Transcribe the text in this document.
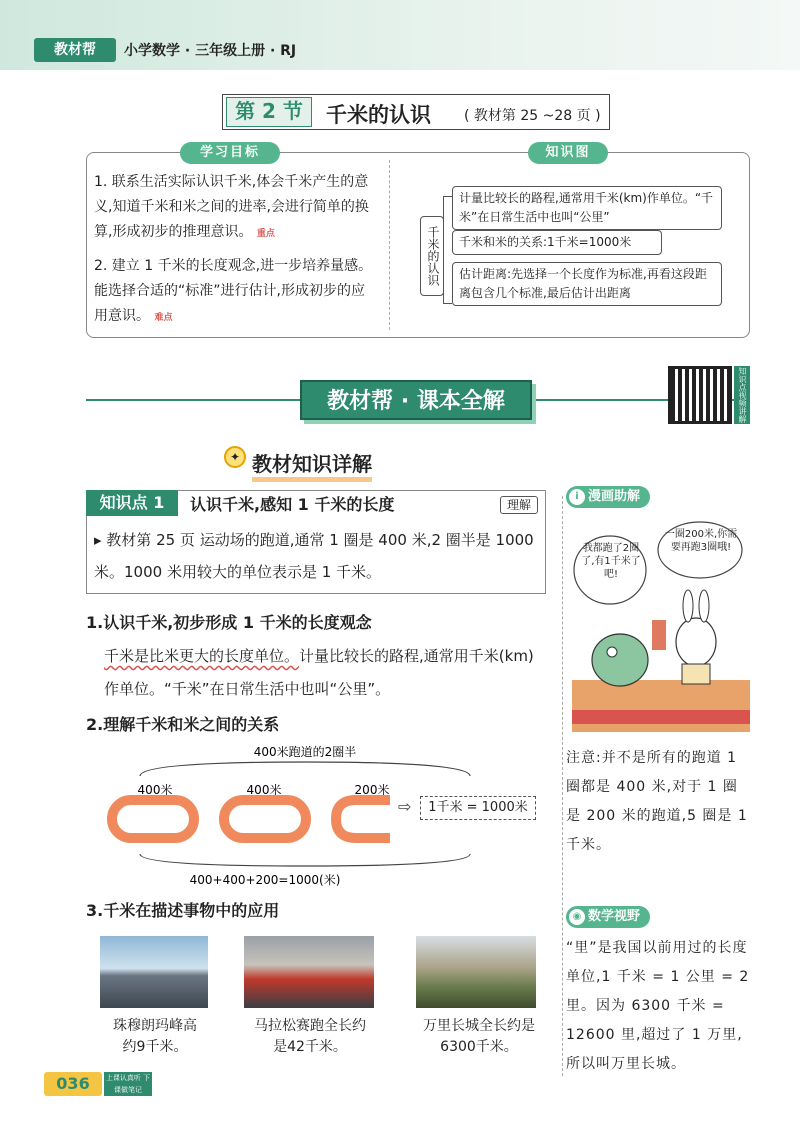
教材帮	小学数学 · 三年级上册 · RJ
第 2 节	千米的认识 ( 教材第 25 ~28 页 )
学习目标	知识图
1. 联系生活实际认识千米,体会千米产生的意义,知道千米和米之间的进率,会进行简单的换算,形成初步的推理意识。 重点
2. 建立 1 千米的长度观念,进一步培养量感。能选择合适的“标准”进行估计,形成初步的应用意识。 难点
千米的认识
计量比较长的路程,通常用千米(km)作单位。“千米”在日常生活中也叫“公里”
千米和米的关系:1千米=1000米
估计距离:先选择一个长度作为标准,再看这段距离包含几个标准,最后估计出距离
教材帮 · 课本全解	知识点视频讲解
✦ 教材知识详解
知识点 1	认识千米,感知 1 千米的长度	理解
▸ 教材第 25 页 运动场的跑道,通常 1 圈是 400 米,2 圈半是 1000 米。1000 米用较大的单位表示是 1 千米。
1.认识千米,初步形成 1 千米的长度观念
千米是比米更大的长度单位。计量比较长的路程,通常用千米(km)作单位。“千米”在日常生活中也叫“公里”。
2.理解千米和米之间的关系
400米跑道的2圈半
400米	400米	200米
400+400+200=1000(米)
⇨	1千米 = 1000米
3.千米在描述事物中的应用
珠穆朗玛峰高约9千米。
马拉松赛跑全长约是42千米。
万里长城全长约是6300千米。
i 漫画助解
我都跑了2圈了,有1千米了吧!
一圈200米,你需要再跑3圈哦!
注意:并不是所有的跑道 1 圈都是 400 米,对于 1 圈是 200 米的跑道,5 圈是 1 千米。
◉ 数学视野
“里”是我国以前用过的长度单位,1 千米 = 1 公里 = 2 里。因为 6300 千米 = 12600 里,超过了 1 万里,所以叫万里长城。
036	上课认真听 下课做笔记
